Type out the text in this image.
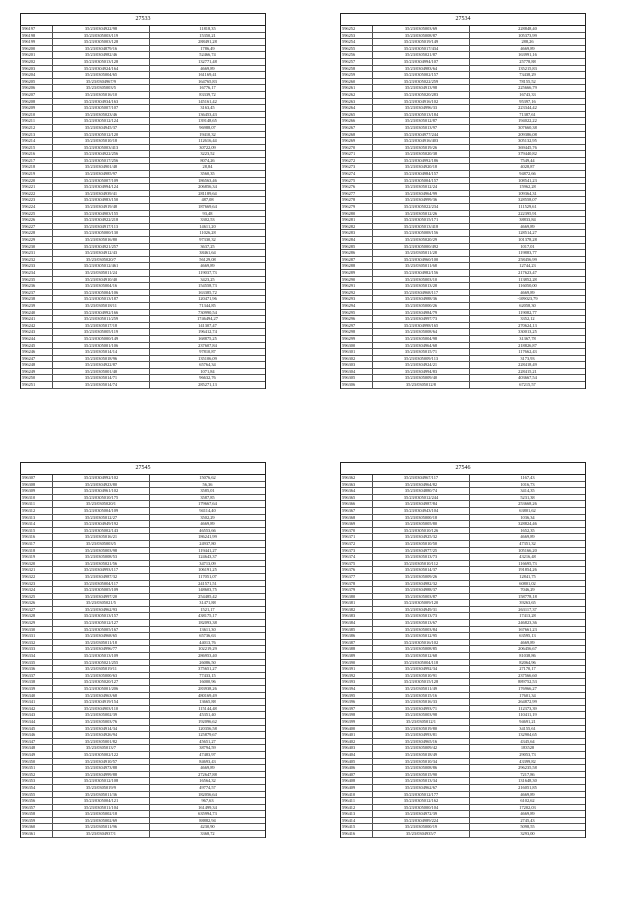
27533
596197	35/23/0304922/98	11818,35
596198	35/23/0305003/119	15350,21
596199	35/23/0305003/128	288491,28
596200	35/23/0304879/16	1786,49
596201	35/23/0304982/46	52466,74
596202	35/23/0305013/128	132771,48
596203	35/23/0304924/164	4669,89
596204	35/23/0305004/65	161169,41
596205	35/23/0304967/9	164765,83
596206	35/23/0305003/5	16776,17
596207	35/23/0305016/10	83339,72
596208	35/23/0304934/163	145161,42
596209	35/23/0305007/107	3163,45
596210	35/23/0305023/46	136453,43
596211	35/23/0305012/124	139148,65
596212	35/23/0304945/37	96988,07
596213	35/23/0305012/120	19410,32
596214	35/23/0305010/18	112616,44
596215	35/23/0305003/413	30722,09
596216	35/23/0304922/256	3223,52
596217	35/23/0305017/256	8074,26
596218	35/23/0304901/48	28,84
596219	35/23/0304985/97	3560,35
596220	35/23/0305007/109	186563,46
596221	35/23/0304994/124	206856,34
596222	35/23/0304939/41	281189,64
596223	35/23/0304983/150	487,08
596224	35/23/0304919/48	187669,64
596225	35/23/0304903/155	93,48
596226	35/23/0304922/218	3302,53
596227	35/23/0304917/113	14611,20
596228	35/23/0305000/130	11026,28
596229	35/23/0305016/80	97330,32
596230	35/23/0304921/257	3637,25
596231	35/23/0304912/43	38461,64
596232	35/23/0305020/7	56129,08
596233	35/23/0305012/461	4669,89
596234	35/23/0305011/24	119037,73
596235	35/23/0304910/40	3423,25
596236	35/23/0305004/16	154558,73
596237	35/23/0305004/106	163385,72
596238	35/23/0305013/187	120471,96
596239	35/23/0305018/11	71344,85
596240	35/23/0304992/166	730990,54
596241	35/23/0305011/259	1746494,27
596242	35/23/0305017/18	141307,47
596243	35/23/0305005/119	196412,74
596244	35/23/0305000/149	168875,25
596245	35/23/0305001/106	237607,84
596246	35/23/0305014/14	97810,87
596247	35/23/0305018/96	135106,09
596248	35/23/0304922/87	65764,34
596249	35/23/0305001/40	1071,84
596250	35/23/0305014/71	96632,76
596251	35/23/0305014/74	285271,13
27534
596252	35/23/0305003/69	228848,40
596253	35/23/0305008/87	105373,99
596254	35/23/0305019/149	288,26
596255	35/23/0305017/434	4669,89
596256	35/23/0305021/87	163991,16
596257	35/23/0304994/107	25778,88
596258	35/23/0304983/64	135215,83
596259	35/23/0305002/157	73438,29
596260	35/23/0305022/259	78155,52
596261	35/23/0304913/98	225666,79
596262	35/23/0305020/283	16743,33
596263	35/23/0304916/102	95397,16
596264	35/23/0304996/33	223344,42
596265	35/23/0305013/184	71387,61
596266	35/23/0305012/87	194022,22
596267	35/23/0305013/97	307660,38
596268	35/23/0304977/244	209386,08
596269	35/23/0304916/403	305132,95
596270	35/23/0305019/26	369445,76
596271	35/23/0305020/38	379440,82
596272	35/23/0304992/186	7549,44
596273	35/23/0304920/18	4028,87
596274	35/23/0304984/157	94872,66
596275	35/23/0305004/157	108541,23
596276	35/23/0305012/24	15962,28
596277	35/23/0304964/99	109364,31
596278	35/23/0304999/36	328558,07
596279	35/23/0305022/234	111529,61
596280	35/23/0305012/26	222395,91
596281	35/23/0305015/171	38833,84
596282	35/23/0305013/418	4669,89
596283	35/23/0305008/156	128514,27
596284	35/23/0305020/29	101378,28
596285	35/23/0305000/492	1017,01
596286	35/23/0305011/28	119883,77
596287	35/23/0304960/100	258456,99
596288	35/23/0305011/68	12744,23
596289	35/23/0304982/156	217623,47
596290	35/23/0305003/10	113852,28
596291	35/23/0305013/28	116050,00
596292	35/23/0304968/117	4669,89
596293	35/23/0304988/36	-109023,79
596294	35/23/0305000/26	62058,30
596295	35/23/0304984/79	119082,77
596296	35/23/0304997/73	3352,12
596297	35/23/0304998/165	270624,13
596298	35/23/0305008/64	330013,25
596299	35/23/0305004/98	31367,78
596300	35/23/0304964/68	218826,87
596301	35/23/0305015/71	117662,43
596302	35/23/0305009/113	3173,93
596303	35/23/0304924/21	228418,49
596304	35/23/0304994/83	228415,21
596305	35/23/0305009/40	403667,54
596306	35/23/0305012/8	67215,57
27545
596307	35/23/0304992/102	15076,62
596308	35/23/0304923/80	56,36
596309	35/23/0304961/102	3585,01
596310	35/23/0305010/175	3587,85
596311	35/23/0305020/1	179667,64
596312	35/23/0305004/109	94114,40
596313	35/23/0305012/27	3502,29
596314	35/23/0304949/192	4669,89
596315	35/23/0305002/143	46553,66
596316	35/23/0305016/21	186241,99
596317	35/23/0305003/5	24937,80
596318	35/23/0305003/98	119441,27
596319	35/23/0305008/53	124643,37
596320	35/23/0305021/56	34713,09
596321	35/23/0304993/117	106191,25
596322	35/23/0304987/32	117051,07
596323	35/23/0305004/117	241571,51
596324	35/23/0305005/109	148603,75
596325	35/23/0304997/20	254485,42
596326	35/23/0305021/5	31471,88
596327	35/23/0304962/93	1521,17
596328	35/23/0305013/157	438175,17
596329	35/23/0305012/127	182093,38
596330	35/23/0305005/167	13611,30
596331	35/23/0304968/65	65736,63
596332	35/23/0305011/18	44013,76
596333	35/23/0304996/77	102219,29
596334	35/23/0305013/109	286953,40
596335	35/23/0305021/255	26086,50
596336	35/23/0305019/11	375651,27
596337	35/23/0305000/63	77433,15
596338	35/23/0305020/127	16000,96
596339	35/23/0305001/206	283938,26
596340	35/23/0304963/68	480169,49
596341	35/23/0304919/154	13665,88
596342	35/23/0304903/110	115144,48
596343	35/23/0305002/39	45351,40
596344	35/23/0305003/76	192096,62
596345	35/23/0304914/34	120356,58
596346	35/23/0304926/94	125879,67
596347	35/23/0305001/82	45651,27
596348	35/23/0305013/7	38794,59
596349	35/23/0305002/122	47483,97
596350	35/23/0304910/57	84693,43
596351	35/23/0304973/88	4669,89
596352	35/23/0304999/88	272647,88
596353	35/23/0305012/108	16564,32
596354	35/23/0305019/9	49774,57
596355	35/23/0305011/36	182056,64
596356	35/23/0305004/121	967,63
596357	35/23/0305011/104	161499,34
596358	35/23/0305002/18	635994,73
596359	35/23/0305002/69	88882,94
596360	35/23/0305011/96	4230,90
596361	35/23/0304937/1	3368,72
27546
596362	35/23/0304967/117	1167,43
596363	35/23/0304964/82	1016,73
596364	35/23/0304880/74	3414,35
596365	35/23/0305012/244	5231,38
596366	35/23/0304987/84	253668,26
596367	35/23/0304943/104	63801,62
596368	35/23/0305000/18	1036,34
596369	35/23/0305005/80	328824,46
596370	35/23/0305010/126	1652,35
596371	35/23/0304925/32	4669,89
596372	35/23/0305010/50	47351,32
596373	35/23/0304977/25	105166,20
596374	35/23/0305013/73	43216,48
596375	35/23/0305010/112	116695,73
596376	35/23/0305014/37	191854,26
596377	35/23/0305009/26	12841,75
596378	35/23/0304982/32	60801,02
596379	35/23/0304988/37	7046,29
596380	35/23/0305003/87	158778,18
596381	35/23/0305009/120	39263,65
596382	35/23/0304949/31	263117,37
596383	35/23/0305013/73	17413,28
596384	35/23/0305013/67	246823,36
596385	35/23/0305003/84	167661,23
596386	35/23/0305012/95	63595,13
596387	35/23/0305016/102	4669,89
596388	35/23/0305008/85	206456,67
596389	35/23/0305012/68	81038,86
596390	35/23/0305004/118	82064,96
596391	35/23/0304992/34	27170,17
596392	35/23/0305010/91	237566,60
596393	35/23/0305015/128	889752,53
596394	35/23/0305011/49	176966,27
596395	35/23/0305015/16	17601,34
596396	35/23/0305016/33	264872,99
596397	35/23/0304993/71	112373,39
596398	35/23/0305003/98	110411,19
596399	35/23/0305012/1	94691,21
596400	35/23/0305019/80	34155,61
596401	35/23/0304993/81	132904,65
596402	35/23/0304965/16	4345,64
596403	35/23/0305009/42	183528
596404	35/23/0305018/49	29053,73
596405	35/23/0305010/34	43399,82
596406	35/23/0305008/86	296235,58
596407	35/23/0305015/90	7217,86
596408	35/23/0305013/34	131648,30
596409	35/23/0304962/67	216051,85
596410	35/23/0305012/177	4669,89
596411	35/23/0305012/162	6102,62
596412	35/23/0305000/104	17202,03
596413	35/23/0304972/39	4669,89
596414	35/23/0304989/224	2745,43
596415	35/23/0305000/19	5098,55
596416	35/23/0304935/7	3293,00
